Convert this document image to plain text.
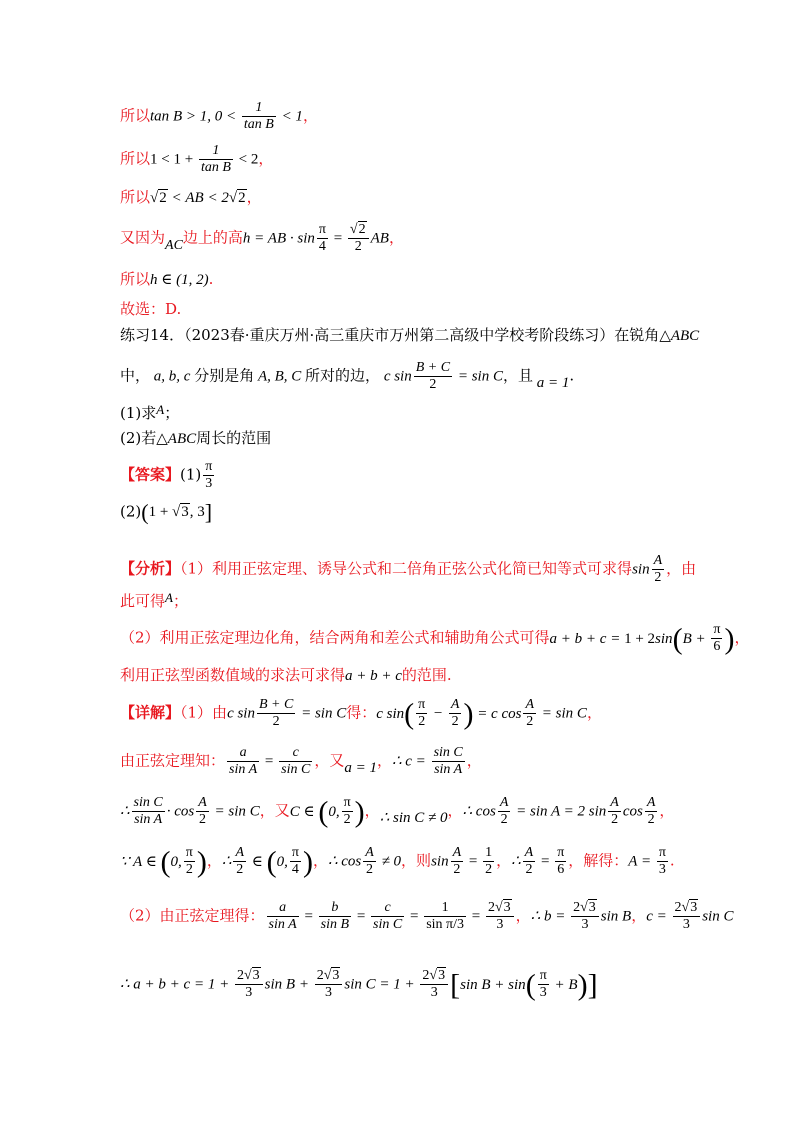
所以tan B > 1, $0 < \frac{1}{\text{tan B}} < 1$，
所以$1 < 1 + \frac{1}{\text{tan B}} < 2$，
所以√2 < AB < 2√2，
又因为AC边上的高h = AB · $\sin \frac{\pi}{4} = \frac{√2}{2}$ AB，
所以h ∈ (1, 2).
故选：D.
练习14．（2023春·重庆万州·高三重庆市万州第二高级中学校考阶段练习）在锐角△ABC
中， a, b, c 分别是角 A, B, C 所对的边， c $\sin \frac{B + C}{2} = \sin C$，且 a = 1.
(1)求A；
(2)若△ABC周长的范围
【答案】$(1) \frac{\pi}{3}$
(2)(1 + √3, 3]
【分析】（1）利用正弦定理、诱导公式和二倍角正弦公式化简已知等式可求得$\sin \frac{A}{2}$ ，由
此可得A；
（2）利用正弦定理边化角，结合两角和差公式和辅助角公式可得$a + b + c = 1 + 2\sin(B + \frac{\pi}{6}$ )，
利用正弦型函数值域的求法可求得a + b + c的范围.
【详解】（1）由c $\sin \frac{B + C}{2} = \sin C$得：c $\sin( \frac{\pi}{2} - \frac{A}{2}$ ) = c $\cos \frac{A}{2} = \sin C$，
由正弦定理知： $\frac{a}{\text{sin A}} = \frac{c}{\text{sin C}}$ ，又a = 1，∴ $c = \frac{\text{sin C}}{\text{sin A}}$ ，
∴ $\frac{\text{sin C}}{\text{sin A}} \cdot \cos \frac{A}{2} = \sin C$，又C ∈ (0, $\frac{\pi}{2}$ )，∴ sin C ≠ 0，∴ $\cos \frac{A}{2} = \sin A = 2$ $\sin \frac{A}{2}$ $\cos \frac{A}{2}$ ，
∵ A ∈ (0, $\frac{\pi}{2}$ )，∴ $\frac{A}{2}$ ∈ (0, $\frac{\pi}{4}$ )，∴ $\cos \frac{A}{2} \ne 0$，则$\sin \frac{A}{2} = \frac{1}{2}$ ，∴ $\frac{A}{2} = \frac{\pi}{6}$ ，解得：$A = \frac{\pi}{3}$ .
（2）由正弦定理得： $\frac{a}{\text{sin A}} = \frac{b}{\text{sin B}} = \frac{c}{\text{sin C}} = \frac{1}{\text{sin π/3}} = \frac{2√3}{3}$ ，∴ $b = \frac{2√3}{3}$ sin B，$c = \frac{2√3}{3}$ sin C
∴ $a + b + c = 1 + \frac{2√3}{3}$ $\sin B + \frac{2√3}{3}$ $\sin C = 1 + \frac{2√3}{3} [\sin$ $B + \sin( \frac{\pi}{3} + B)$]
